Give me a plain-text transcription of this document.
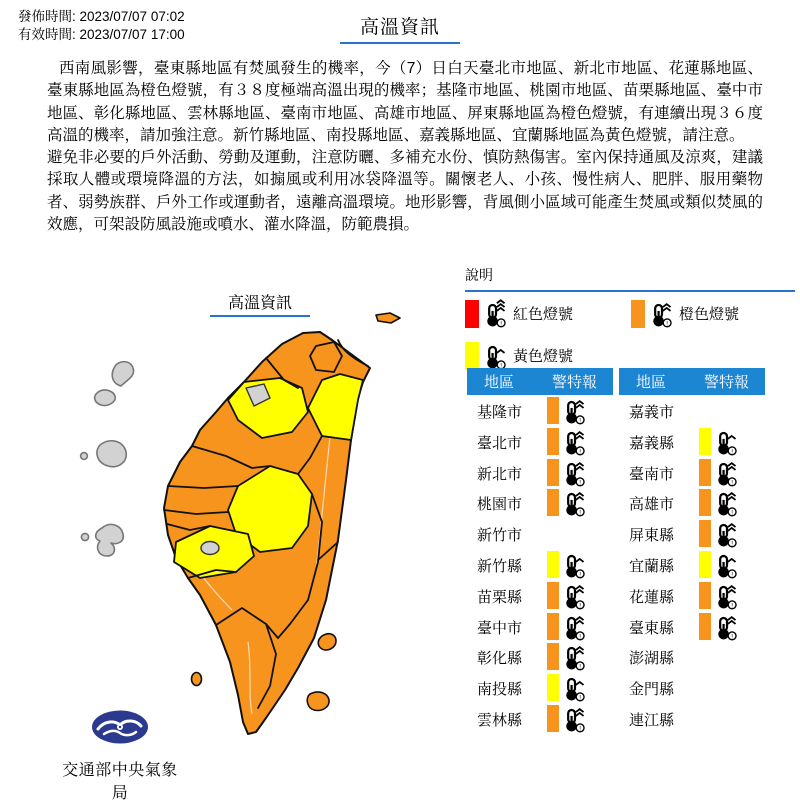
發佈時間: 2023/07/07 07:02
有效時間: 2023/07/07 17:00	高溫資訊

西南風影響，臺東縣地區有焚風發生的機率，今（7）日白天臺北市地區、新北市地區、花蓮縣地區、臺東縣地區為橙色燈號，有３８度極端高溫出現的機率；基隆市地區、桃園市地區、苗栗縣地區、臺中市地區、彰化縣地區、雲林縣地區、臺南市地區、高雄市地區、屏東縣地區為橙色燈號，有連續出現３６度高溫的機率，請加強注意。新竹縣地區、南投縣地區、嘉義縣地區、宜蘭縣地區為黃色燈號，請注意。

避免非必要的戶外活動、勞動及運動，注意防曬、多補充水份、慎防熱傷害。室內保持通風及涼爽，建議採取人體或環境降溫的方法，如搧風或利用冰袋降溫等。關懷老人、小孩、慢性病人、肥胖、服用藥物者、弱勢族群、戶外工作或運動者，遠離高溫環境。地形影響，背風側小區域可能產生焚風或類似焚風的效應，可架設防風設施或噴水、灌水降溫，防範農損。

高溫資訊
說明
!
紅色燈號
!
橙色燈號
!
黃色燈號
地區	警特報
基隆市	!
臺北市	!
新北市	!
桃園市	!
新竹市
新竹縣	!
苗栗縣	!
臺中市	!
彰化縣	!
南投縣	!
雲林縣	!
地區	警特報
嘉義市
嘉義縣	!
臺南市	!
高雄市	!
屏東縣	!
宜蘭縣	!
花蓮縣	!
臺東縣	!
澎湖縣
金門縣
連江縣
交通部中央氣象局
